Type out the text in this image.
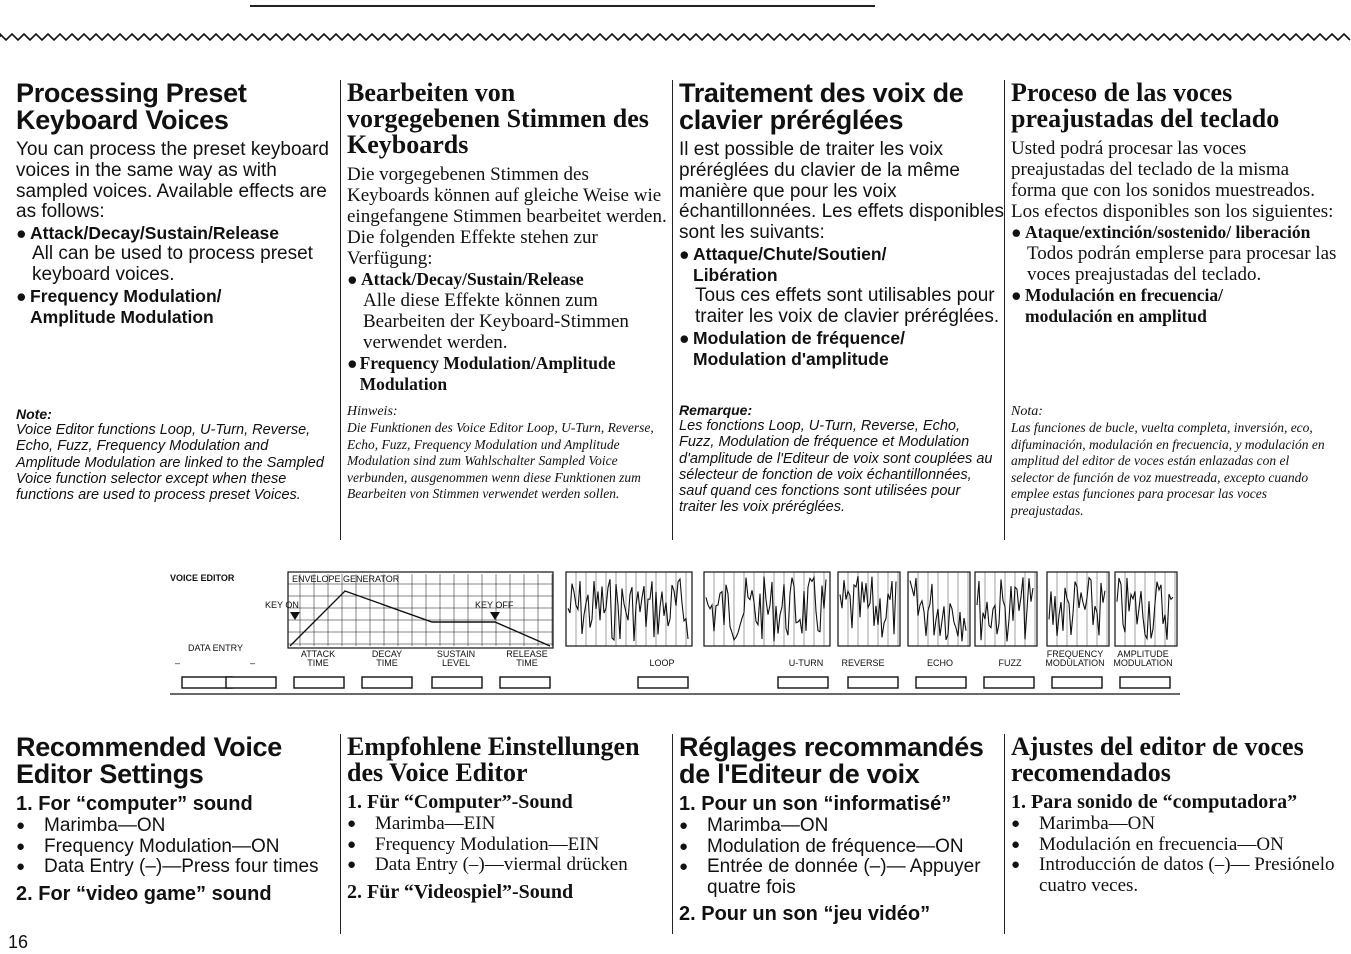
Processing Preset Keyboard Voices

You can process the preset keyboard voices in the same way as with sampled voices. Available effects are as follows:

● Attack/Decay/Sustain/Release

All can be used to process preset keyboard voices.

● Frequency Modulation/ Amplitude Modulation
Note:

Voice Editor functions Loop, U-Turn, Reverse, Echo, Fuzz, Frequency Modulation and Amplitude Modulation are linked to the Sampled Voice function selector except when these functions are used to process preset Voices.

Bearbeiten von vorgegebenen Stimmen des Keyboards

Die vorgegebenen Stimmen des Keyboards können auf gleiche Weise wie eingefangene Stimmen bearbeitet werden. Die folgenden Effekte stehen zur Verfügung:

● Attack/Decay/Sustain/Release

Alle diese Effekte können zum Bearbeiten der Keyboard-Stimmen verwendet werden.

● Frequency Modulation/Amplitude Modulation
Hinweis:

Die Funktionen des Voice Editor Loop, U-Turn, Reverse, Echo, Fuzz, Frequency Modulation und Amplitude Modulation sind zum Wahlschalter Sampled Voice verbunden, ausgenommen wenn diese Funktionen zum Bearbeiten von Stimmen verwendet werden sollen.

Traitement des voix de clavier préréglées

Il est possible de traiter les voix préréglées du clavier de la même manière que pour les voix échantillonnées. Les effets disponibles sont les suivants:

● Attaque/Chute/Soutien/ Libération

Tous ces effets sont utilisables pour traiter les voix de clavier préréglées.

● Modulation de fréquence/ Modulation d'amplitude
Remarque:

Les fonctions Loop, U-Turn, Reverse, Echo, Fuzz, Modulation de fréquence et Modulation d'amplitude de l'Editeur de voix sont couplées au sélecteur de fonction de voix échantillonnées, sauf quand ces fonctions sont utilisées pour traiter les voix préréglées.

Proceso de las voces preajustadas del teclado

Usted podrá procesar las voces preajustadas del teclado de la misma forma que con los sonidos muestreados. Los efectos disponibles son los siguientes:

● Ataque/extinción/sostenido/ liberación

Todos podrán emplerse para procesar las voces preajustadas del teclado.

● Modulación en frecuencia/ modulación en amplitud
Nota:

Las funciones de bucle, vuelta completa, inversión, eco, difuminación, modulación en frecuencia, y modulación en amplitud del editor de voces están enlazadas con el selector de función de voz muestreada, excepto cuando emplee estas funciones para procesar las voces preajustadas.

VOICE EDITOR
DATA ENTRY
–	–
ENVELOPE GENERATOR
KEY ON	KEY OFF
ATTACK TIME
DECAY TIME
SUSTAIN LEVEL
RELEASE TIME	LOOP	U-TURN REVERSE	ECHO	FUZZ
FREQUENCY MODULATION
AMPLITUDE MODULATION
Recommended Voice Editor Settings
1. For “computer” sound
● Marimba—ON
● Frequency Modulation—ON
● Data Entry (–)—Press four times
2. For “video game” sound
Empfohlene Einstellungen des Voice Editor
1. Für “Computer”-Sound
● Marimba—EIN
● Frequency Modulation—EIN
● Data Entry (–)—viermal drücken
2. Für “Videospiel”-Sound
Réglages recommandés de l'Editeur de voix
1. Pour un son “informatisé”
● Marimba—ON
● Modulation de fréquence—ON
● Entrée de donnée (–)— Appuyer quatre fois
2. Pour un son “jeu vidéo”
Ajustes del editor de voces recomendados
1. Para sonido de “computadora”
● Marimba—ON
● Modulación en frecuencia—ON
● Introducción de datos (–)— Presiónelo cuatro veces.
16
